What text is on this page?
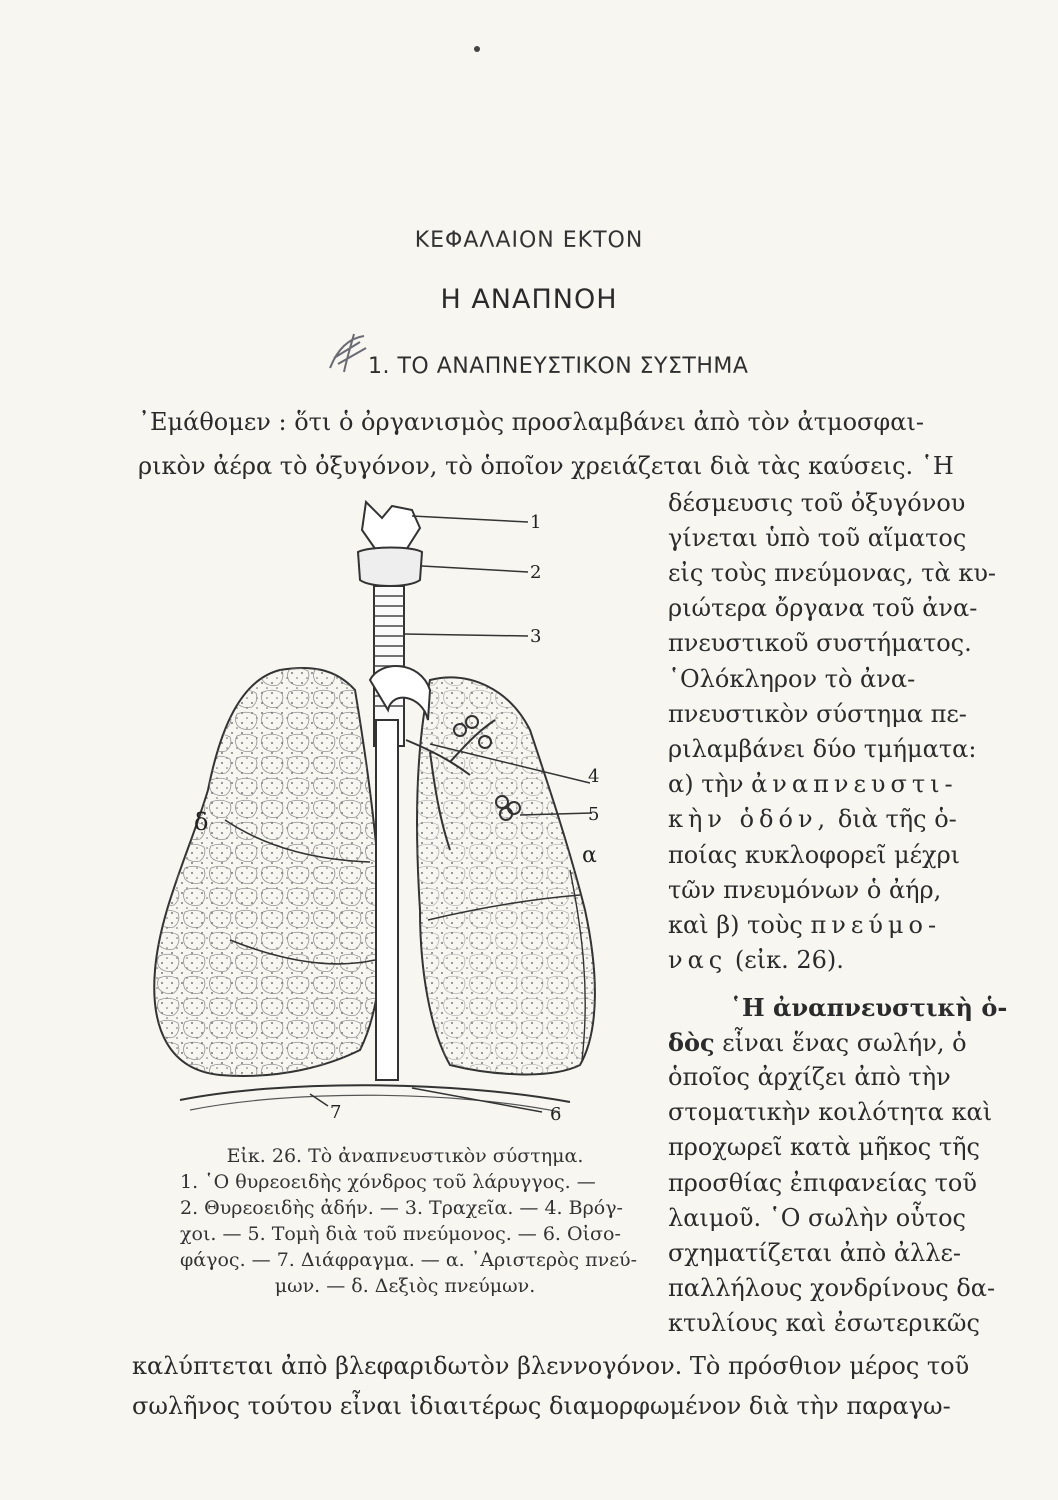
ΚΕΦΑΛΑΙΟΝ ΕΚΤΟΝ
Η ΑΝΑΠΝΟΗ
1. ΤΟ ΑΝΑΠΝΕΥΣΤΙΚΟΝ ΣΥΣΤΗΜΑ
᾿Εμάθομεν : ὅτι ὁ ὀργανισμὸς προσλαμβάνει ἀπὸ τὸν ἀτμοσφαι-
ρικὸν ἀέρα τὸ ὀξυγόνον, τὸ ὁποῖον χρειάζεται διὰ τὰς καύσεις. ῾Η
δέσμευσις τοῦ ὀξυγόνου
γίνεται ὑπὸ τοῦ αἵματος
εἰς τοὺς πνεύμονας, τὰ κυ-
ριώτερα ὄργανα τοῦ ἀνα-
πνευστικοῦ συστήματος.
῾Ολόκληρον τὸ ἀνα-
πνευστικὸν σύστημα πε-
ριλαμβάνει δύο τμήματα:
α) τὴν ἀναπνευστι-
κὴν ὁδόν, διὰ τῆς ὁ-
ποίας κυκλοφορεῖ μέχρι
τῶν πνευμόνων ὁ ἀήρ,
καὶ β) τοὺς πνεύμο-
νας (εἰκ. 26).
῾Η ἀναπνευστικὴ ὁ-
δὸς εἶναι ἕνας σωλήν, ὁ
ὁποῖος ἀρχίζει ἀπὸ τὴν
στοματικὴν κοιλότητα καὶ
προχωρεῖ κατὰ μῆκος τῆς
προσθίας ἐπιφανείας τοῦ
λαιμοῦ. ῾Ο σωλὴν οὗτος
σχηματίζεται ἀπὸ ἀλλε-
παλλήλους χονδρίνους δα-
κτυλίους καὶ ἐσωτερικῶς
καλύπτεται ἀπὸ βλεφαριδωτὸν βλεννογόνον. Τὸ πρόσθιον μέρος τοῦ
σωλῆνος τούτου εἶναι ἰδιαιτέρως διαμορφωμένον διὰ τὴν παραγω-
1
2
3
4
5
6
7
α
δ
Εἰκ. 26. Τὸ ἀναπνευστικὸν σύστημα.
1. ῾Ο θυρεοειδὴς χόνδρος τοῦ λάρυγγος. —
2. Θυρεοειδὴς ἀδήν. — 3. Τραχεῖα. — 4. Βρόγ-
χοι. — 5. Τομὴ διὰ τοῦ πνεύμονος. — 6. Οἰσο-
φάγος. — 7. Διάφραγμα. — α. ᾿Αριστερὸς πνεύ-
μων. — δ. Δεξιὸς πνεύμων.
